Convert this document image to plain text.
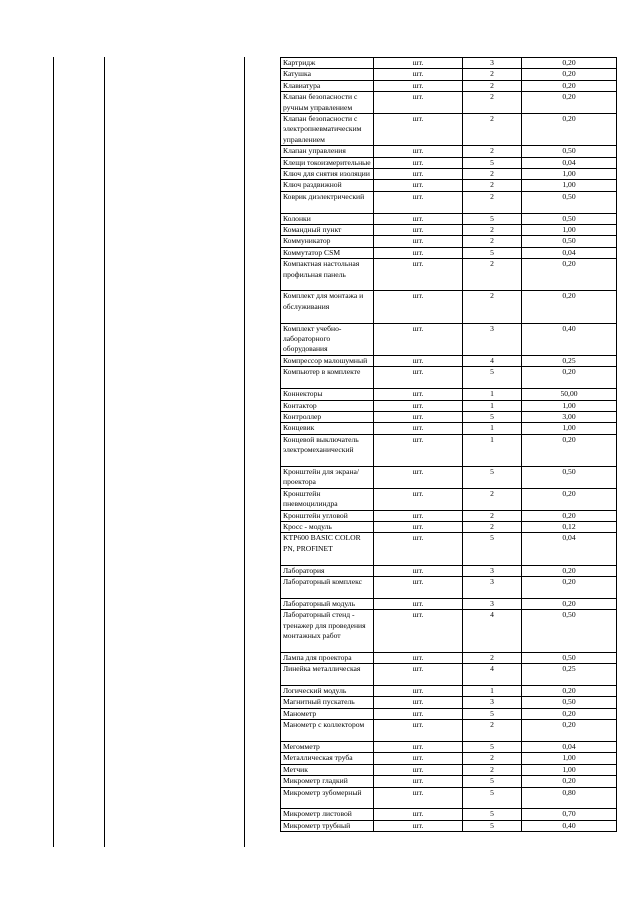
Картридж	шт.	3	0,20
Катушка	шт.	2	0,20
Клавиатура	шт.	2	0,20
Клапан безопасности с ручным управлением	шт.	2	0,20
Клапан безопасности с электропневматическим управлением	шт.	2	0,20
Клапан управления	шт.	2	0,50
Клещи токоизмерительные	шт.	5	0,04
Ключ для снятия изоляции	шт.	2	1,00
Ключ раздвижной	шт.	2	1,00
Коврик диэлектрический	шт.	2	0,50
Колонки	шт.	5	0,50
Командный пункт	шт.	2	1,00
Коммуникатор	шт.	2	0,50
Коммутатор CSM	шт.	5	0,04
Компактная настольная профильная панель	шт.	2	0,20
Комплект для монтажа и обслуживания	шт.	2	0,20
Комплект учебно-лабораторного оборудования	шт.	3	0,40
Компрессор малошумный	шт.	4	0,25
Компьютер в комплекте	шт.	5	0,20
Коннекторы	шт.	1	50,00
Контактор	шт.	1	1,00
Контроллер	шт.	5	3,00
Концевик	шт.	1	1,00
Концевой выключатель электромеханический	шт.	1	0,20
Кронштейн для экрана/ проектора	шт.	5	0,50
Кронштейн пневмоцилиндра	шт.	2	0,20
Кронштейн угловой	шт.	2	0,20
Кросс - модуль	шт.	2	0,12
KTP600 BASIC COLOR PN, PROFINET	шт.	5	0,04
Лаборатория	шт.	3	0,20
Лабораторный комплекс	шт.	3	0,20
Лабораторный модуль	шт.	3	0,20
Лабораторный стенд - тренажер для проведения монтажных работ	шт.	4	0,50
Лампа для проектора	шт.	2	0,50
Линейка металлическая	шт.	4	0,25
Логический модуль	шт.	1	0,20
Магнитный пускатель	шт.	3	0,50
Манометр	шт.	5	0,20
Манометр с коллектором	шт.	2	0,20
Мегомметр	шт.	5	0,04
Металлическая труба	шт.	2	1,00
Метчик	шт.	2	1,00
Микрометр гладкий	шт.	5	0,20
Микрометр зубомерный	шт.	5	0,80
Микрометр листовой	шт.	5	0,70
Микрометр трубный	шт.	5	0,40
